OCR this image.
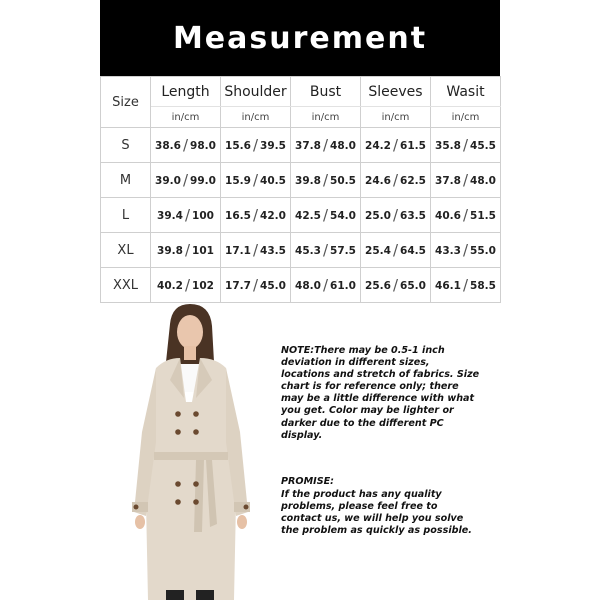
Measurement
Size	Length	Shoulder	Bust	Sleeves	Wasit
	in/cm	in/cm	in/cm	in/cm	in/cm
S	38.6 / 98.0	15.6 / 39.5	37.8 / 48.0	24.2 / 61.5	35.8 / 45.5
M	39.0 / 99.0	15.9 / 40.5	39.8 / 50.5	24.6 / 62.5	37.8 / 48.0
L	39.4 / 100	16.5 / 42.0	42.5 / 54.0	25.0 / 63.5	40.6 / 51.5
XL	39.8 / 101	17.1 / 43.5	45.3 / 57.5	25.4 / 64.5	43.3 / 55.0
XXL	40.2 / 102	17.7 / 45.0	48.0 / 61.0	25.6 / 65.0	46.1 / 58.5
NOTE:There may be 0.5-1 inch deviation in different sizes, locations and stretch of fabrics. Size chart is for reference only; there may be a little difference with what you get. Color may be lighter or darker due to the different PC display.
PROMISE:
If the product has any quality problems, please feel free to contact us, we will help you solve the problem as quickly as possible.
